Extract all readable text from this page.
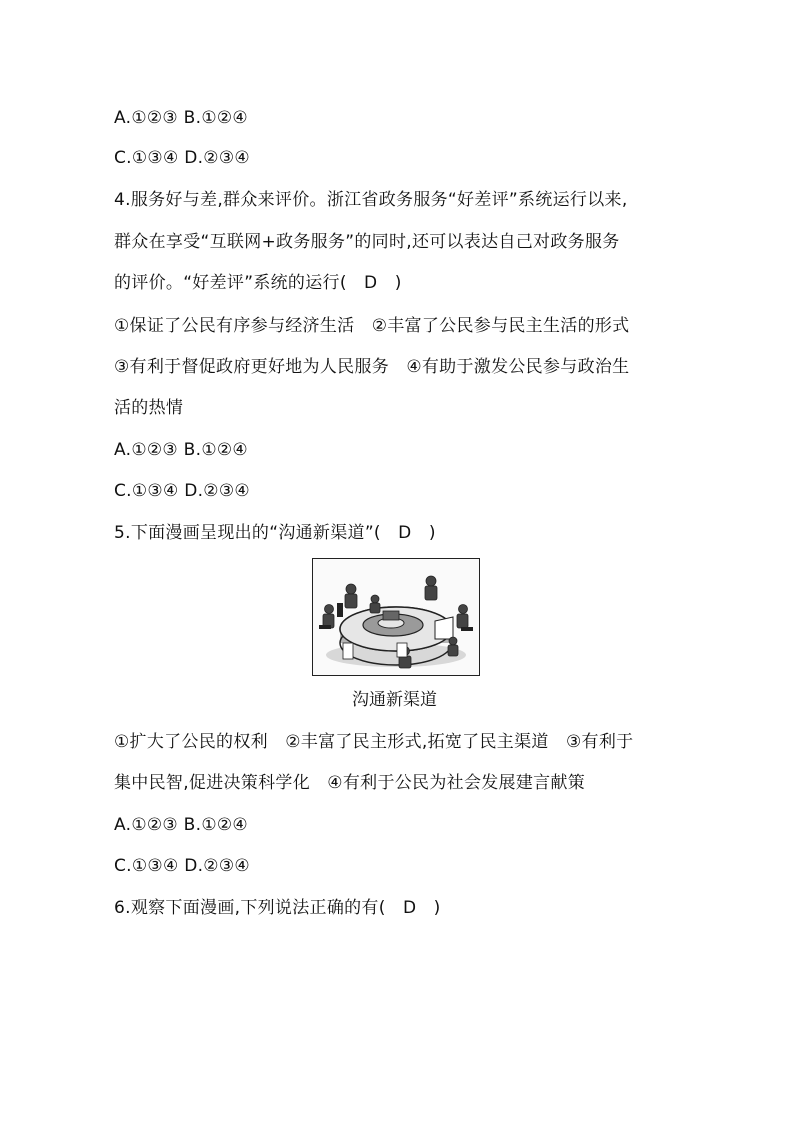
A.①②③ B.①②④
C.①③④ D.②③④
4.服务好与差,群众来评价。浙江省政务服务“好差评”系统运行以来,
群众在享受“互联网+政务服务”的同时,还可以表达自己对政务服务
的评价。“好差评”系统的运行(　D　)
①保证了公民有序参与经济生活　②丰富了公民参与民主生活的形式
③有利于督促政府更好地为人民服务　④有助于激发公民参与政治生
活的热情
A.①②③ B.①②④
C.①③④ D.②③④
5.下面漫画呈现出的“沟通新渠道”(　D　)
沟通新渠道
①扩大了公民的权利　②丰富了民主形式,拓宽了民主渠道　③有利于
集中民智,促进决策科学化　④有利于公民为社会发展建言献策
A.①②③ B.①②④
C.①③④ D.②③④
6.观察下面漫画,下列说法正确的有(　D　)
